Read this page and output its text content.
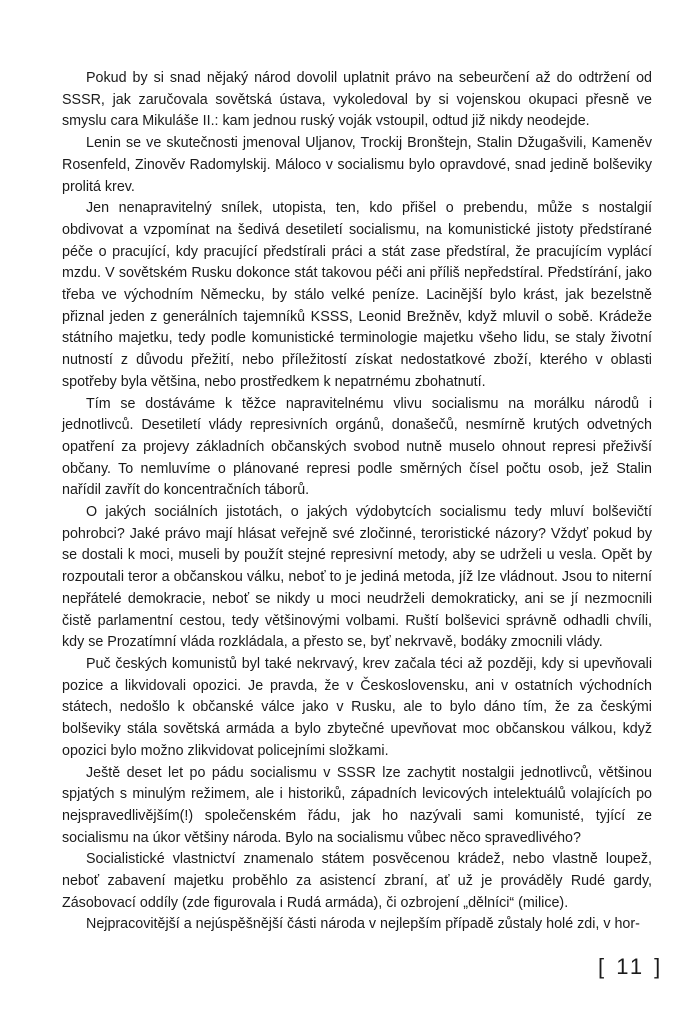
Pokud by si snad nějaký národ dovolil uplatnit právo na sebeurčení až do odtržení od SSSR, jak zaručovala sovětská ústava, vykoledoval by si vojenskou okupaci přesně ve smyslu cara Mikuláše II.: kam jednou ruský voják vstoupil, odtud již nikdy neodejde.

Lenin se ve skutečnosti jmenoval Uljanov, Trockij Bronštejn, Stalin Džugašvili, Kameněv Rosenfeld, Zinověv Radomylskij. Máloco v socialismu bylo opravdové, snad jedině bolševiky prolitá krev.

Jen nenapravitelný snílek, utopista, ten, kdo přišel o prebendu, může s nostalgií obdivovat a vzpomínat na šedivá desetiletí socialismu, na komunistické jistoty předstírané péče o pracující, kdy pracující předstírali práci a stát zase předstíral, že pracujícím vyplácí mzdu. V sovětském Rusku dokonce stát takovou péči ani příliš nepředstíral. Předstírání, jako třeba ve východním Německu, by stálo velké peníze. Lacinější bylo krást, jak bezelstně přiznal jeden z generálních tajemníků KSSS, Leonid Brežněv, když mluvil o sobě. Krádeže státního majetku, tedy podle komunistické terminologie majetku všeho lidu, se staly životní nutností z důvodu přežití, nebo příležitostí získat nedostatkové zboží, kterého v oblasti spotřeby byla většina, nebo prostředkem k nepatrnému zbohatnutí.

Tím se dostáváme k těžce napravitelnému vlivu socialismu na morálku národů i jednotlivců. Desetiletí vlády represivních orgánů, donašečů, nesmírně krutých odvetných opatření za projevy základních občanských svobod nutně muselo ohnout represi přeživší občany. To nemluvíme o plánované represi podle směrných čísel počtu osob, jež Stalin nařídil zavřít do koncentračních táborů.

O jakých sociálních jistotách, o jakých výdobytcích socialismu tedy mluví bolševičtí pohrobci? Jaké právo mají hlásat veřejně své zločinné, teroristické názory? Vždyť pokud by se dostali k moci, museli by použít stejné represivní metody, aby se udrželi u vesla. Opět by rozpoutali teror a občanskou válku, neboť to je jediná metoda, jíž lze vládnout. Jsou to niterní nepřátelé demokracie, neboť se nikdy u moci neudrželi demokraticky, ani se jí nezmocnili čistě parlamentní cestou, tedy většinovými volbami. Ruští bolševici správně odhadli chvíli, kdy se Prozatímní vláda rozkládala, a přesto se, byť nekrvavě, bodáky zmocnili vlády.

Puč českých komunistů byl také nekrvavý, krev začala téci až později, kdy si upevňovali pozice a likvidovali opozici. Je pravda, že v Československu, ani v ostatních východních státech, nedošlo k občanské válce jako v Rusku, ale to bylo dáno tím, že za českými bolševiky stála sovětská armáda a bylo zbytečné upevňovat moc občanskou válkou, když opozici bylo možno zlikvidovat policejními složkami.

Ještě deset let po pádu socialismu v SSSR lze zachytit nostalgii jednotlivců, většinou spjatých s minulým režimem, ale i historiků, západních levicových intelektuálů volajících po nejspravedlivějším(!) společenském řádu, jak ho nazývali sami komunisté, tyjící ze socialismu na úkor většiny národa. Bylo na socialismu vůbec něco spravedlivého?

Socialistické vlastnictví znamenalo státem posvěcenou krádež, nebo vlastně loupež, neboť zabavení majetku proběhlo za asistencí zbraní, ať už je prováděly Rudé gardy, Zásobovací oddíly (zde figurovala i Rudá armáda), či ozbrojení „dělníci“ (milice).

Nejpracovitější a nejúspěšnější části národa v nejlepším případě zůstaly holé zdi, v hor-

[ 11 ]
